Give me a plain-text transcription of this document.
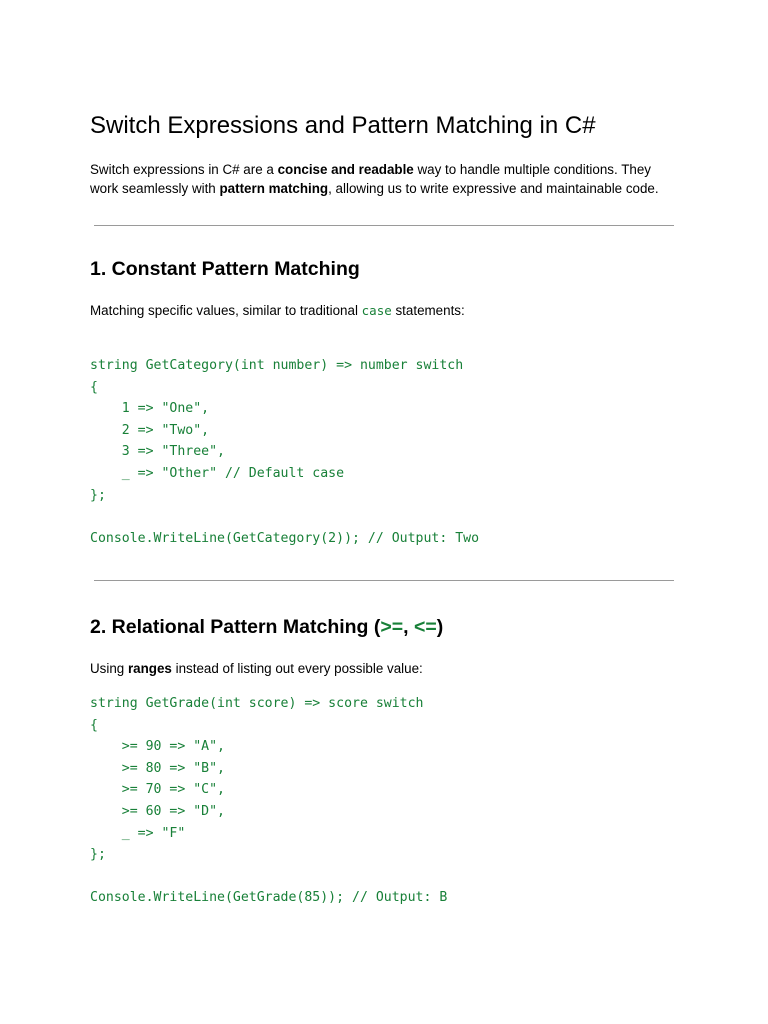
Switch Expressions and Pattern Matching in C#

Switch expressions in C# are a concise and readable way to handle multiple conditions. They work seamlessly with pattern matching, allowing us to write expressive and maintainable code.

1. Constant Pattern Matching

Matching specific values, similar to traditional case statements:

string GetCategory(int number) => number switch
{
1 => "One",
2 => "Two",
3 => "Three",
_ => "Other" // Default case
};

Console.WriteLine(GetCategory(2)); // Output: Two
2. Relational Pattern Matching (>=, <=)

Using ranges instead of listing out every possible value:

string GetGrade(int score) => score switch
{
>= 90 => "A",
>= 80 => "B",
>= 70 => "C",
>= 60 => "D",
_ => "F"
};

Console.WriteLine(GetGrade(85)); // Output: B
